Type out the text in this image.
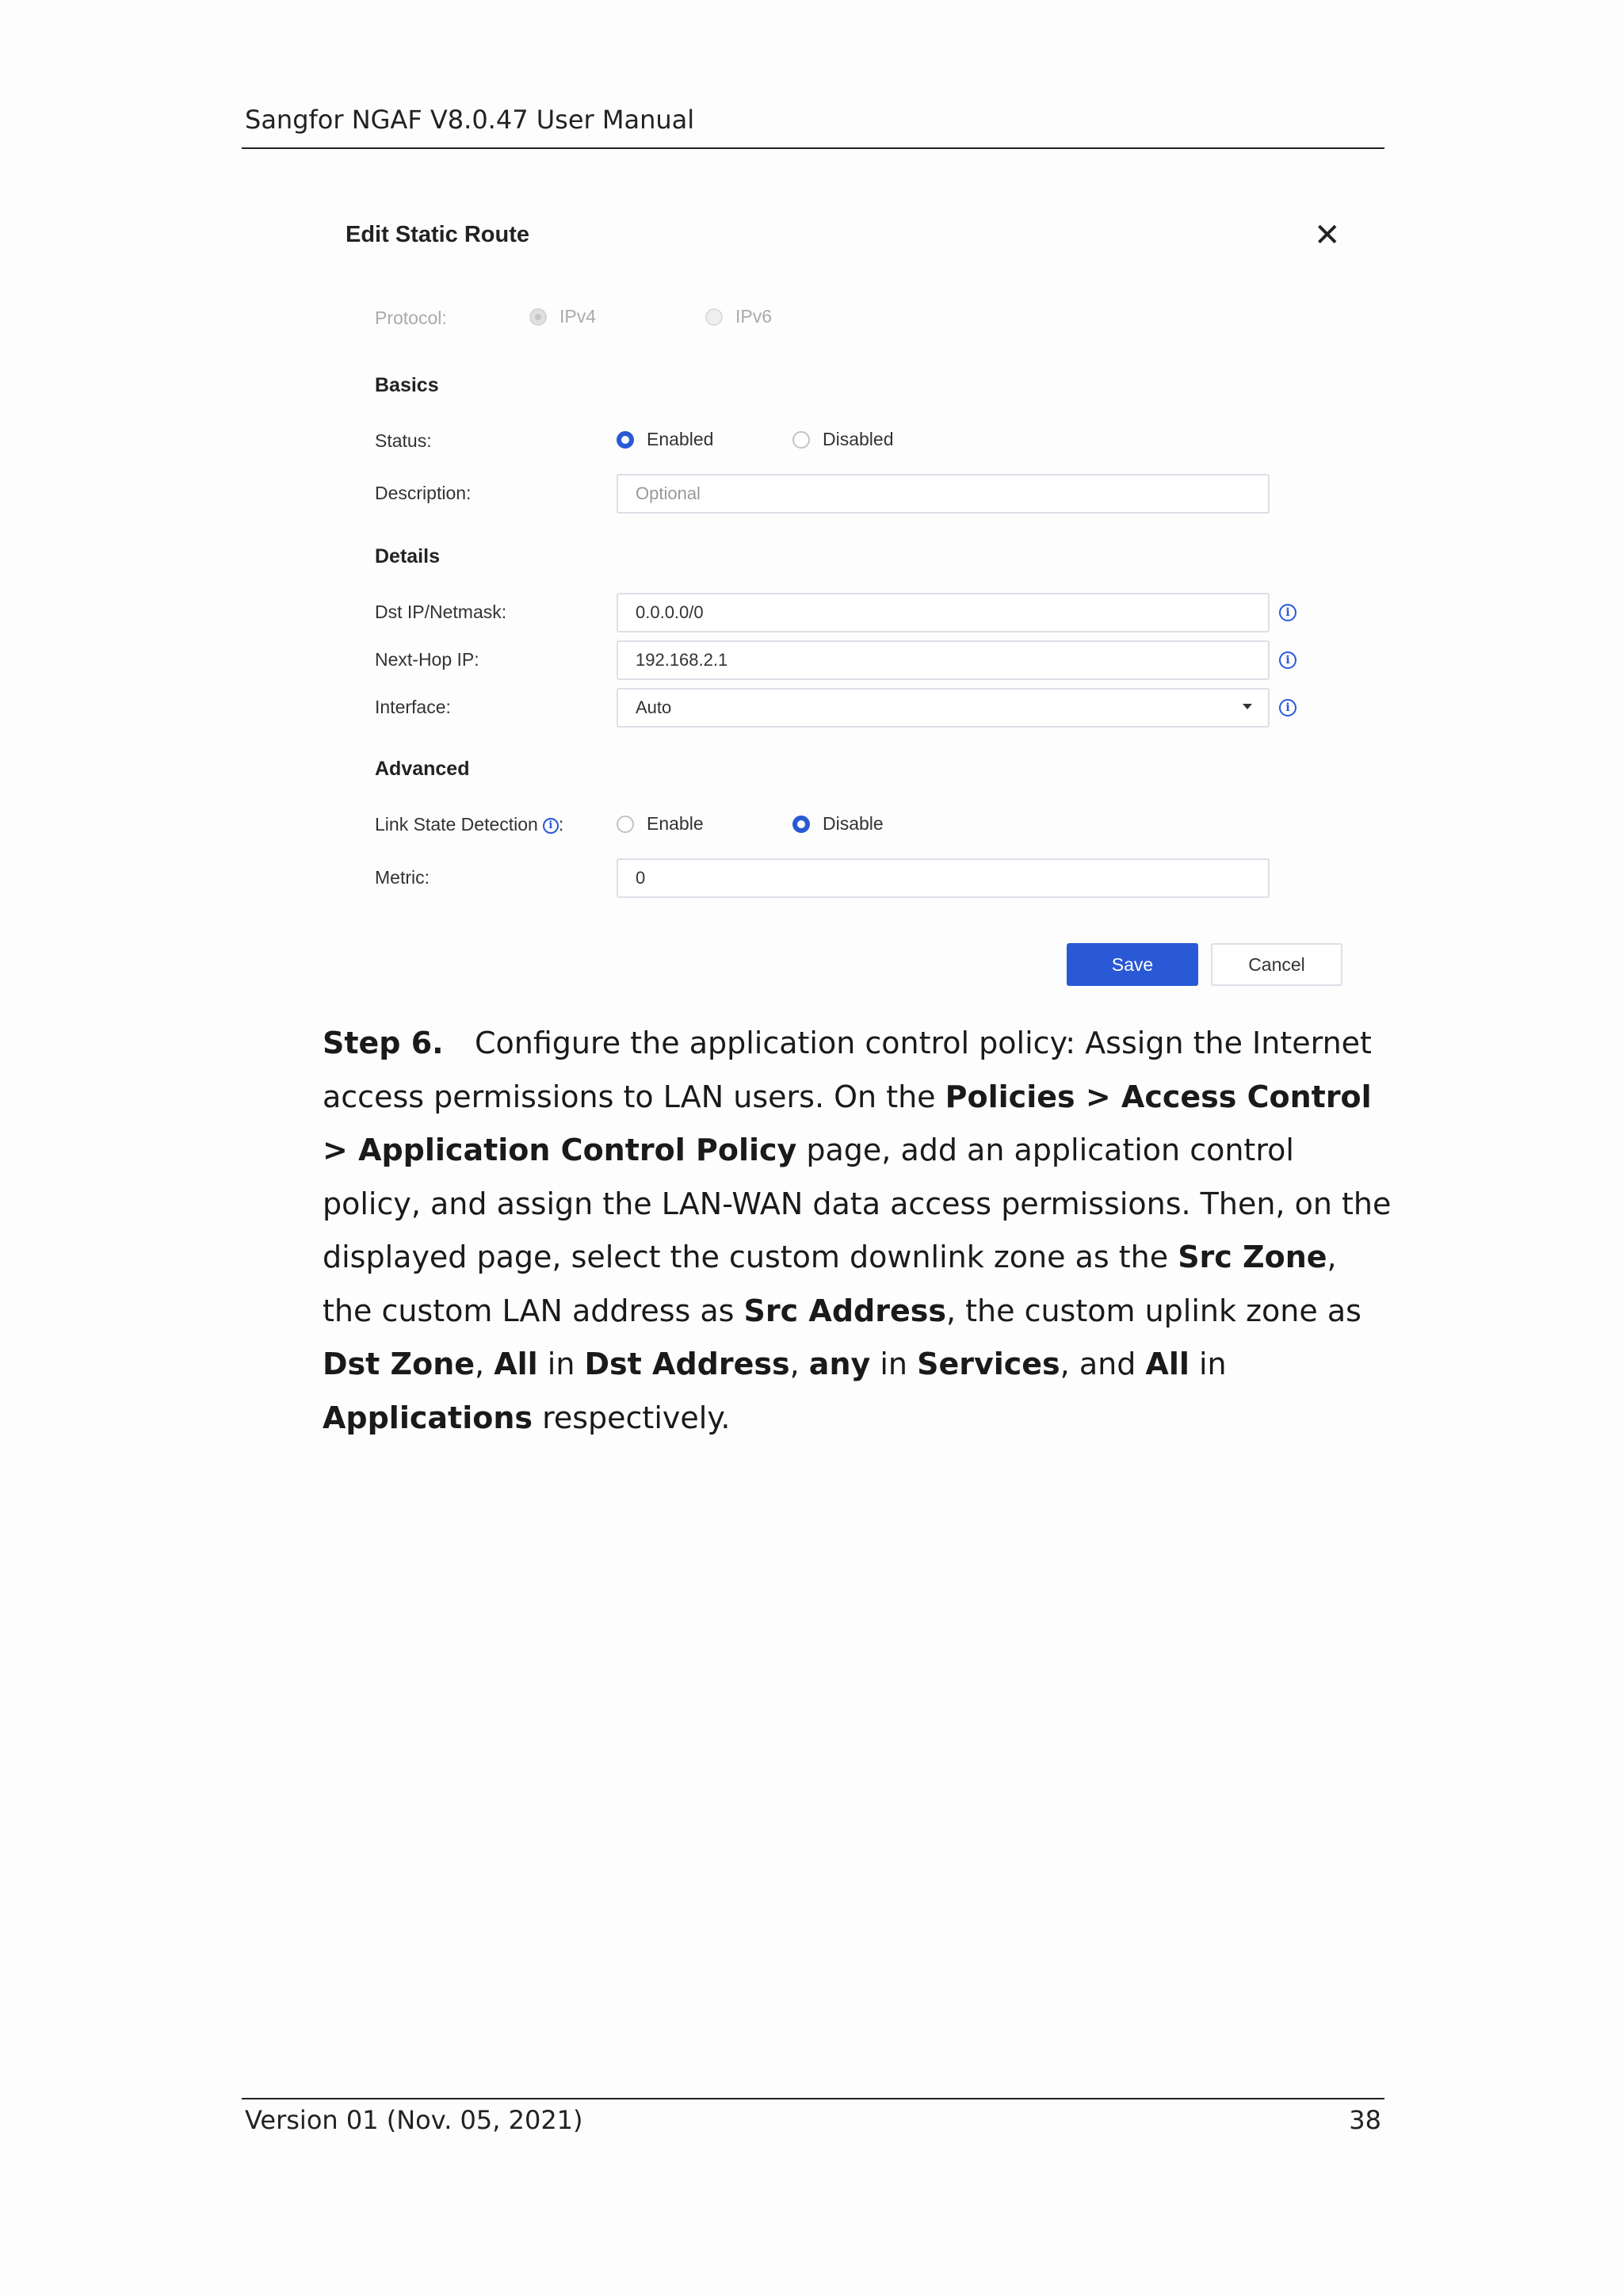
Sangfor NGAF V8.0.47 User Manual
Edit Static Route	✕
Protocol:	IPv4	IPv6
Basics
Status:	Enabled	Disabled
Description:	Optional
Details
Dst IP/Netmask:	0.0.0.0/0	i
Next-Hop IP:	192.168.2.1	i
Interface:	Auto	i
Advanced
Link State Detection i :	Enable	Disable
Metric:	0
Save	Cancel
Step 6. Configure the application control policy: Assign the Internet access permissions to LAN users. On the Policies > Access Control > Application Control Policy page, add an application control policy, and assign the LAN-WAN data access permissions. Then, on the displayed page, select the custom downlink zone as the Src Zone, the custom LAN address as Src Address, the custom uplink zone as Dst Zone, All in Dst Address, any in Services, and All in Applications respectively.
Version 01 (Nov. 05, 2021)	38
